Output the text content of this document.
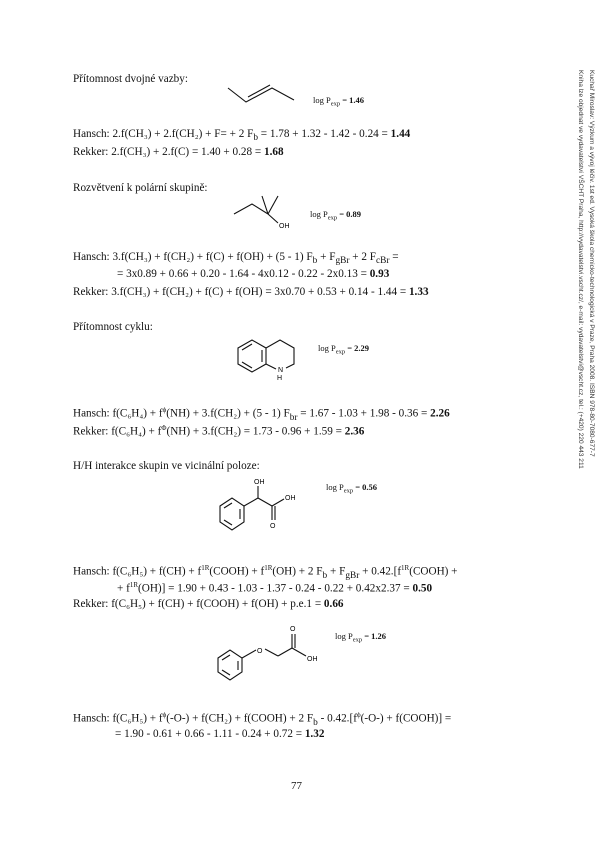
Přítomnost dvojné vazby:
$\log P_{exp} = 1.46$
Hansch: 2.f(CH₃) + 2.f(CH₂) + F= + 2 $F_b = 1.78 + 1.32 - 1.42 - 0.24 = 1.44$
Rekker: 2.f(CH₃) + 2.f(C) = 1.40 + 0.28 = 1.68
Rozvětvení k polární skupině:
OH
$\log P_{exp} = 0.89$
Hansch: 3.f(CH₃) + f(CH₂) + f(C) + f(OH) + (5 - 1) $F_b + F_{gBr} + 2$ $F_{cBr}$ =
= 3x0.89 + 0.66 + 0.20 - 1.64 - 4x0.12 - 0.22 - 2x0.13 = 0.93
Rekker: 3.f(CH₃) + f(CH₂) + f(C) + f(OH) = 3x0.70 + 0.53 + 0.14 - 1.44 = 1.33
Přítomnost cyklu:
N
H
$\log P_{exp} = 2.29$
Hansch: $f(C_6H_4) + f^\phi(NH) + 3.f(CH_2) + (5 - 1) F_{br} = 1.67 - 1.03 + 1.98 - 0.36 = 2.26$
Rekker: $f(C_6H_4) + f^\Phi(NH) + 3.f(CH_2) = 1.73 - 0.96 + 1.59 = 2.36$
H/H interakce skupin ve vicinální poloze:
OH
OH
O
$\log P_{exp} = 0.56$
Hansch: $f(C_6H_5) + f(CH) + f^{1R}(COOH) + f^{1R}(OH) + 2$ $F_b + F_{gBr}$ + $0.42.[f^{1R}(COOH)$ +
+ $f^{1R}(OH)] = 1.90 + 0.43 - 1.03 - 1.37 - 0.24 - 0.22 + 0.42x2.37 = 0.50$
Rekker: f(C₆H₅) + f(CH) + f(COOH) + f(OH) + p.e.1 = 0.66
O
O
OH
$\log P_{exp} = 1.26$
Hansch: $f(C_6H_5) + f^\phi(-O-) + f(CH_2)$ + f(COOH) + 2 $F_b - 0.42.[f^\phi(-O-)$ + f(COOH)] =
= 1.90 - 0.61 + 0.66 - 1.11 - 0.24 + 0.72 = 1.32
77
Kuchař Miroslav: Výzkum a vývoj léčiv. 1st ed. Vysoká škola chemicko-technologická v Praze, Praha 2008. ISBN 978-80-7080-677-7
Kniha lze objednat ve vydavatelství VŠCHT Praha, http://vydavatelstvi.vscht.cz/, e-mail: vydavatelstvi@vscht.cz, tel.: (+420) 220 443 211
